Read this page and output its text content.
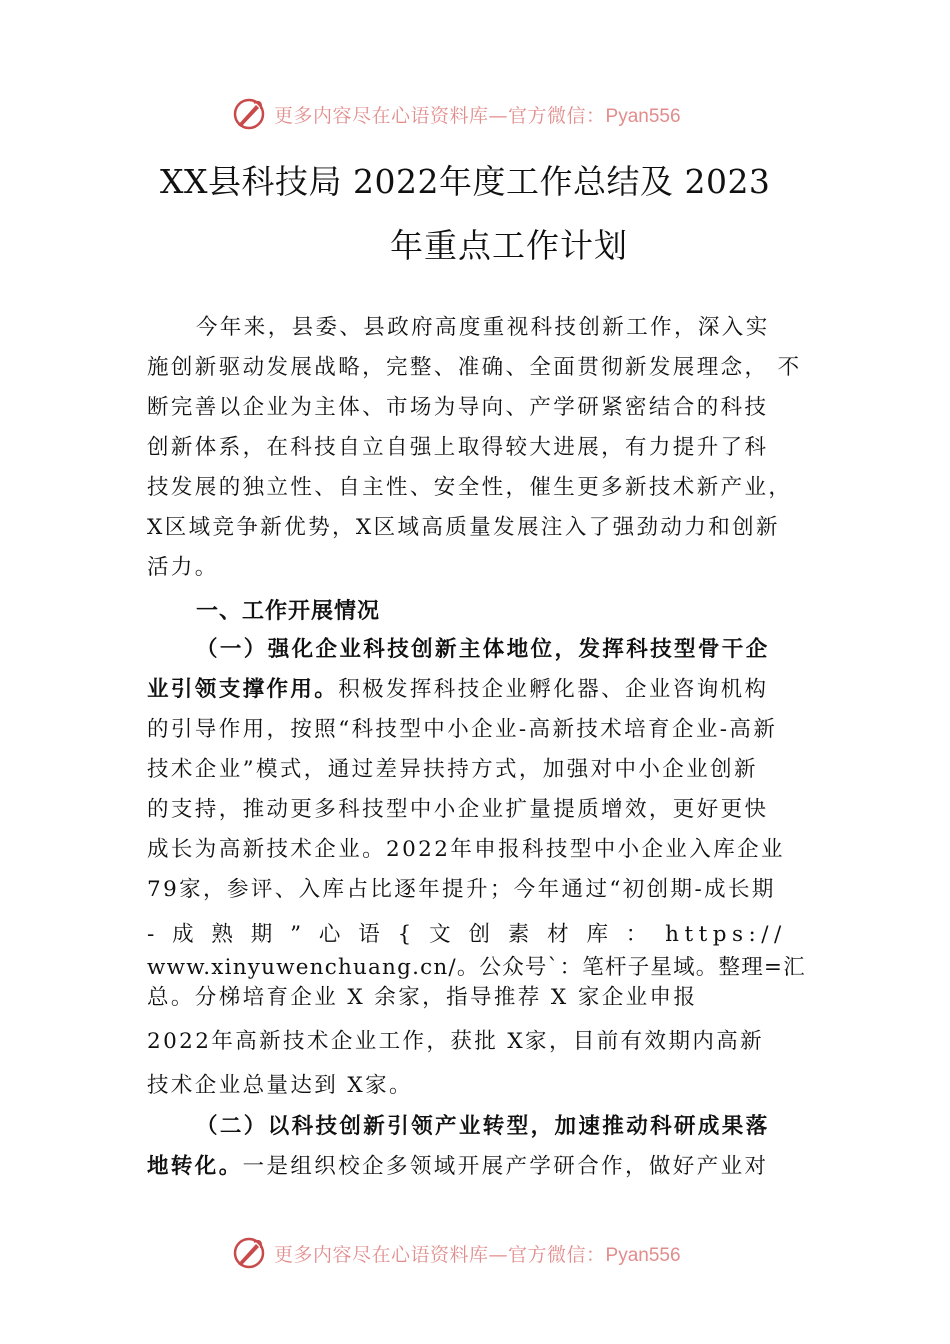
更多内容尽在心语资料库—官方微信：Pyan556
XX县科技局 2022年度工作总结及 2023
年重点工作计划
今年来，县委、县政府高度重视科技创新工作，深入实
施创新驱动发展战略，完整、准确、全面贯彻新发展理念， 不
断完善以企业为主体、市场为导向、产学研紧密结合的科技
创新体系，在科技自立自强上取得较大进展，有力提升了科
技发展的独立性、自主性、安全性，催生更多新技术新产业，
X区域竞争新优势，X区域高质量发展注入了强劲动力和创新
活力。
一、工作开展情况
（一）强化企业科技创新主体地位，发挥科技型骨干企
业引领支撑作用。积极发挥科技企业孵化器、企业咨询机构
的引导作用，按照“科技型中小企业-高新技术培育企业-高新
技术企业”模式，通过差异扶持方式，加强对中小企业创新
的支持，推动更多科技型中小企业扩量提质增效，更好更快
成长为高新技术企业。2022年申报科技型中小企业入库企业
79家，参评、入库占比逐年提升；今年通过“初创期-成长期
- 成 熟 期 ” 心 语 { 文 创 素 材 库 ： https://
www.xinyuwenchuang.cn/。公众号`：笔杆子星域。整理=汇
总。分梯培育企业 X 余家，指导推荐 X 家企业申报
2022年高新技术企业工作，获批 X家，目前有效期内高新
技术企业总量达到 X家。
（二）以科技创新引领产业转型，加速推动科研成果落
地转化。一是组织校企多领域开展产学研合作，做好产业对
更多内容尽在心语资料库—官方微信：Pyan556
